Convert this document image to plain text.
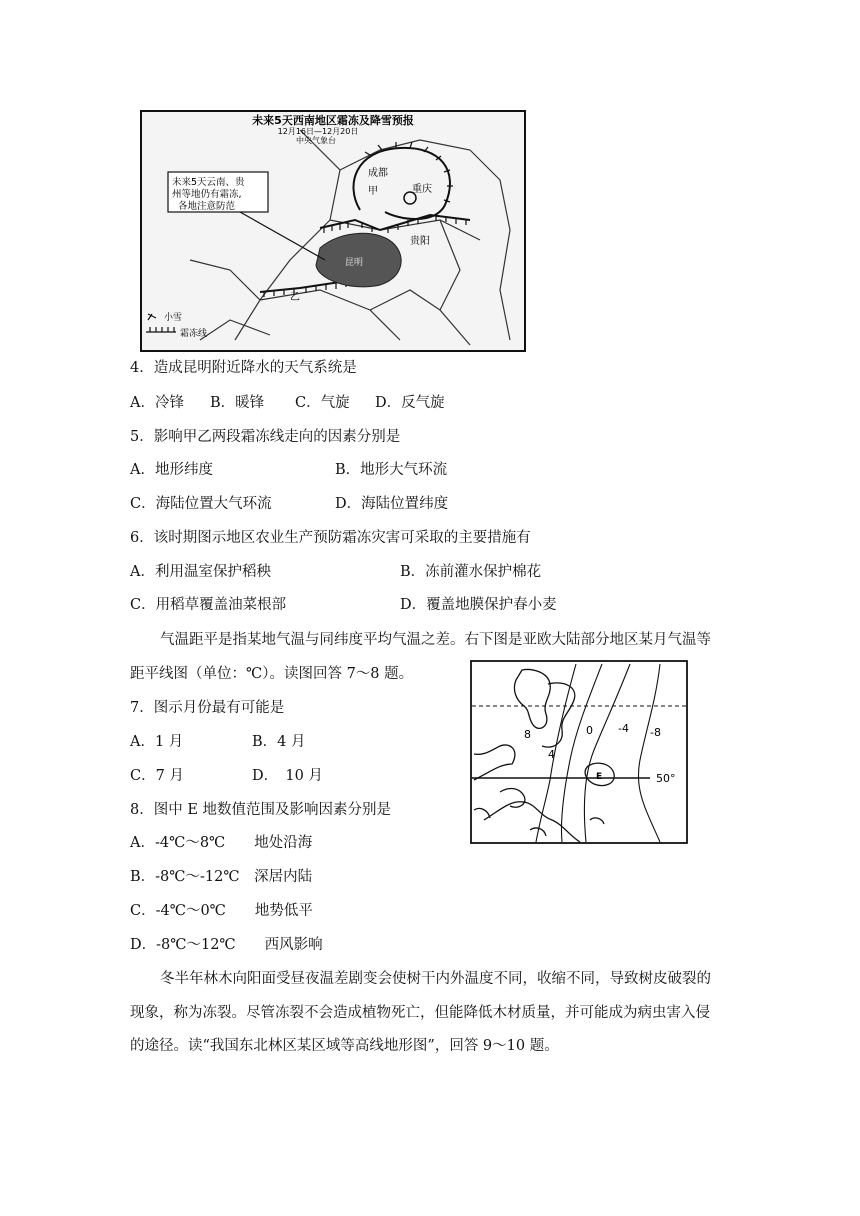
未来5天云南、贵
州等地仍有霜冻,
各地注意防范
未来5天西南地区霜冻及降雪预报
12月16日—12月20日
中央气象台
成都
甲	重庆
贵阳
昆明
乙
小雪
霜冻线
4．造成昆明附近降水的天气系统是
A．冷锋 B．暖锋 C．气旋 D．反气旋
5．影响甲乙两段霜冻线走向的因素分别是
A．地形纬度	B．地形大气环流
C．海陆位置大气环流	D．海陆位置纬度
6．该时期图示地区农业生产预防霜冻灾害可采取的主要措施有
A．利用温室保护稻秧	B．冻前灌水保护棉花
C．用稻草覆盖油菜根部	D．覆盖地膜保护春小麦
气温距平是指某地气温与同纬度平均气温之差。右下图是亚欧大陆部分地区某月气温等
距平线图（单位：℃）。读图回答 7～8 题。
7．图示月份最有可能是
A．1 月	B．4 月
C．7 月	D．　10 月
8．图中 E 地数值范围及影响因素分别是
A．-4℃～8℃　　地处沿海
B．-8℃～-12℃　深居内陆
C．-4℃～0℃　　地势低平
D．-8℃～12℃　　西风影响
冬半年林木向阳面受昼夜温差剧变会使树干内外温度不同，收缩不同，导致树皮破裂的
现象，称为冻裂。尽管冻裂不会造成植物死亡，但能降低木材质量，并可能成为病虫害入侵
的途径。读“我国东北林区某区域等高线地形图”，回答 9～10 题。
8
4
0 -4 -8
50°
E
